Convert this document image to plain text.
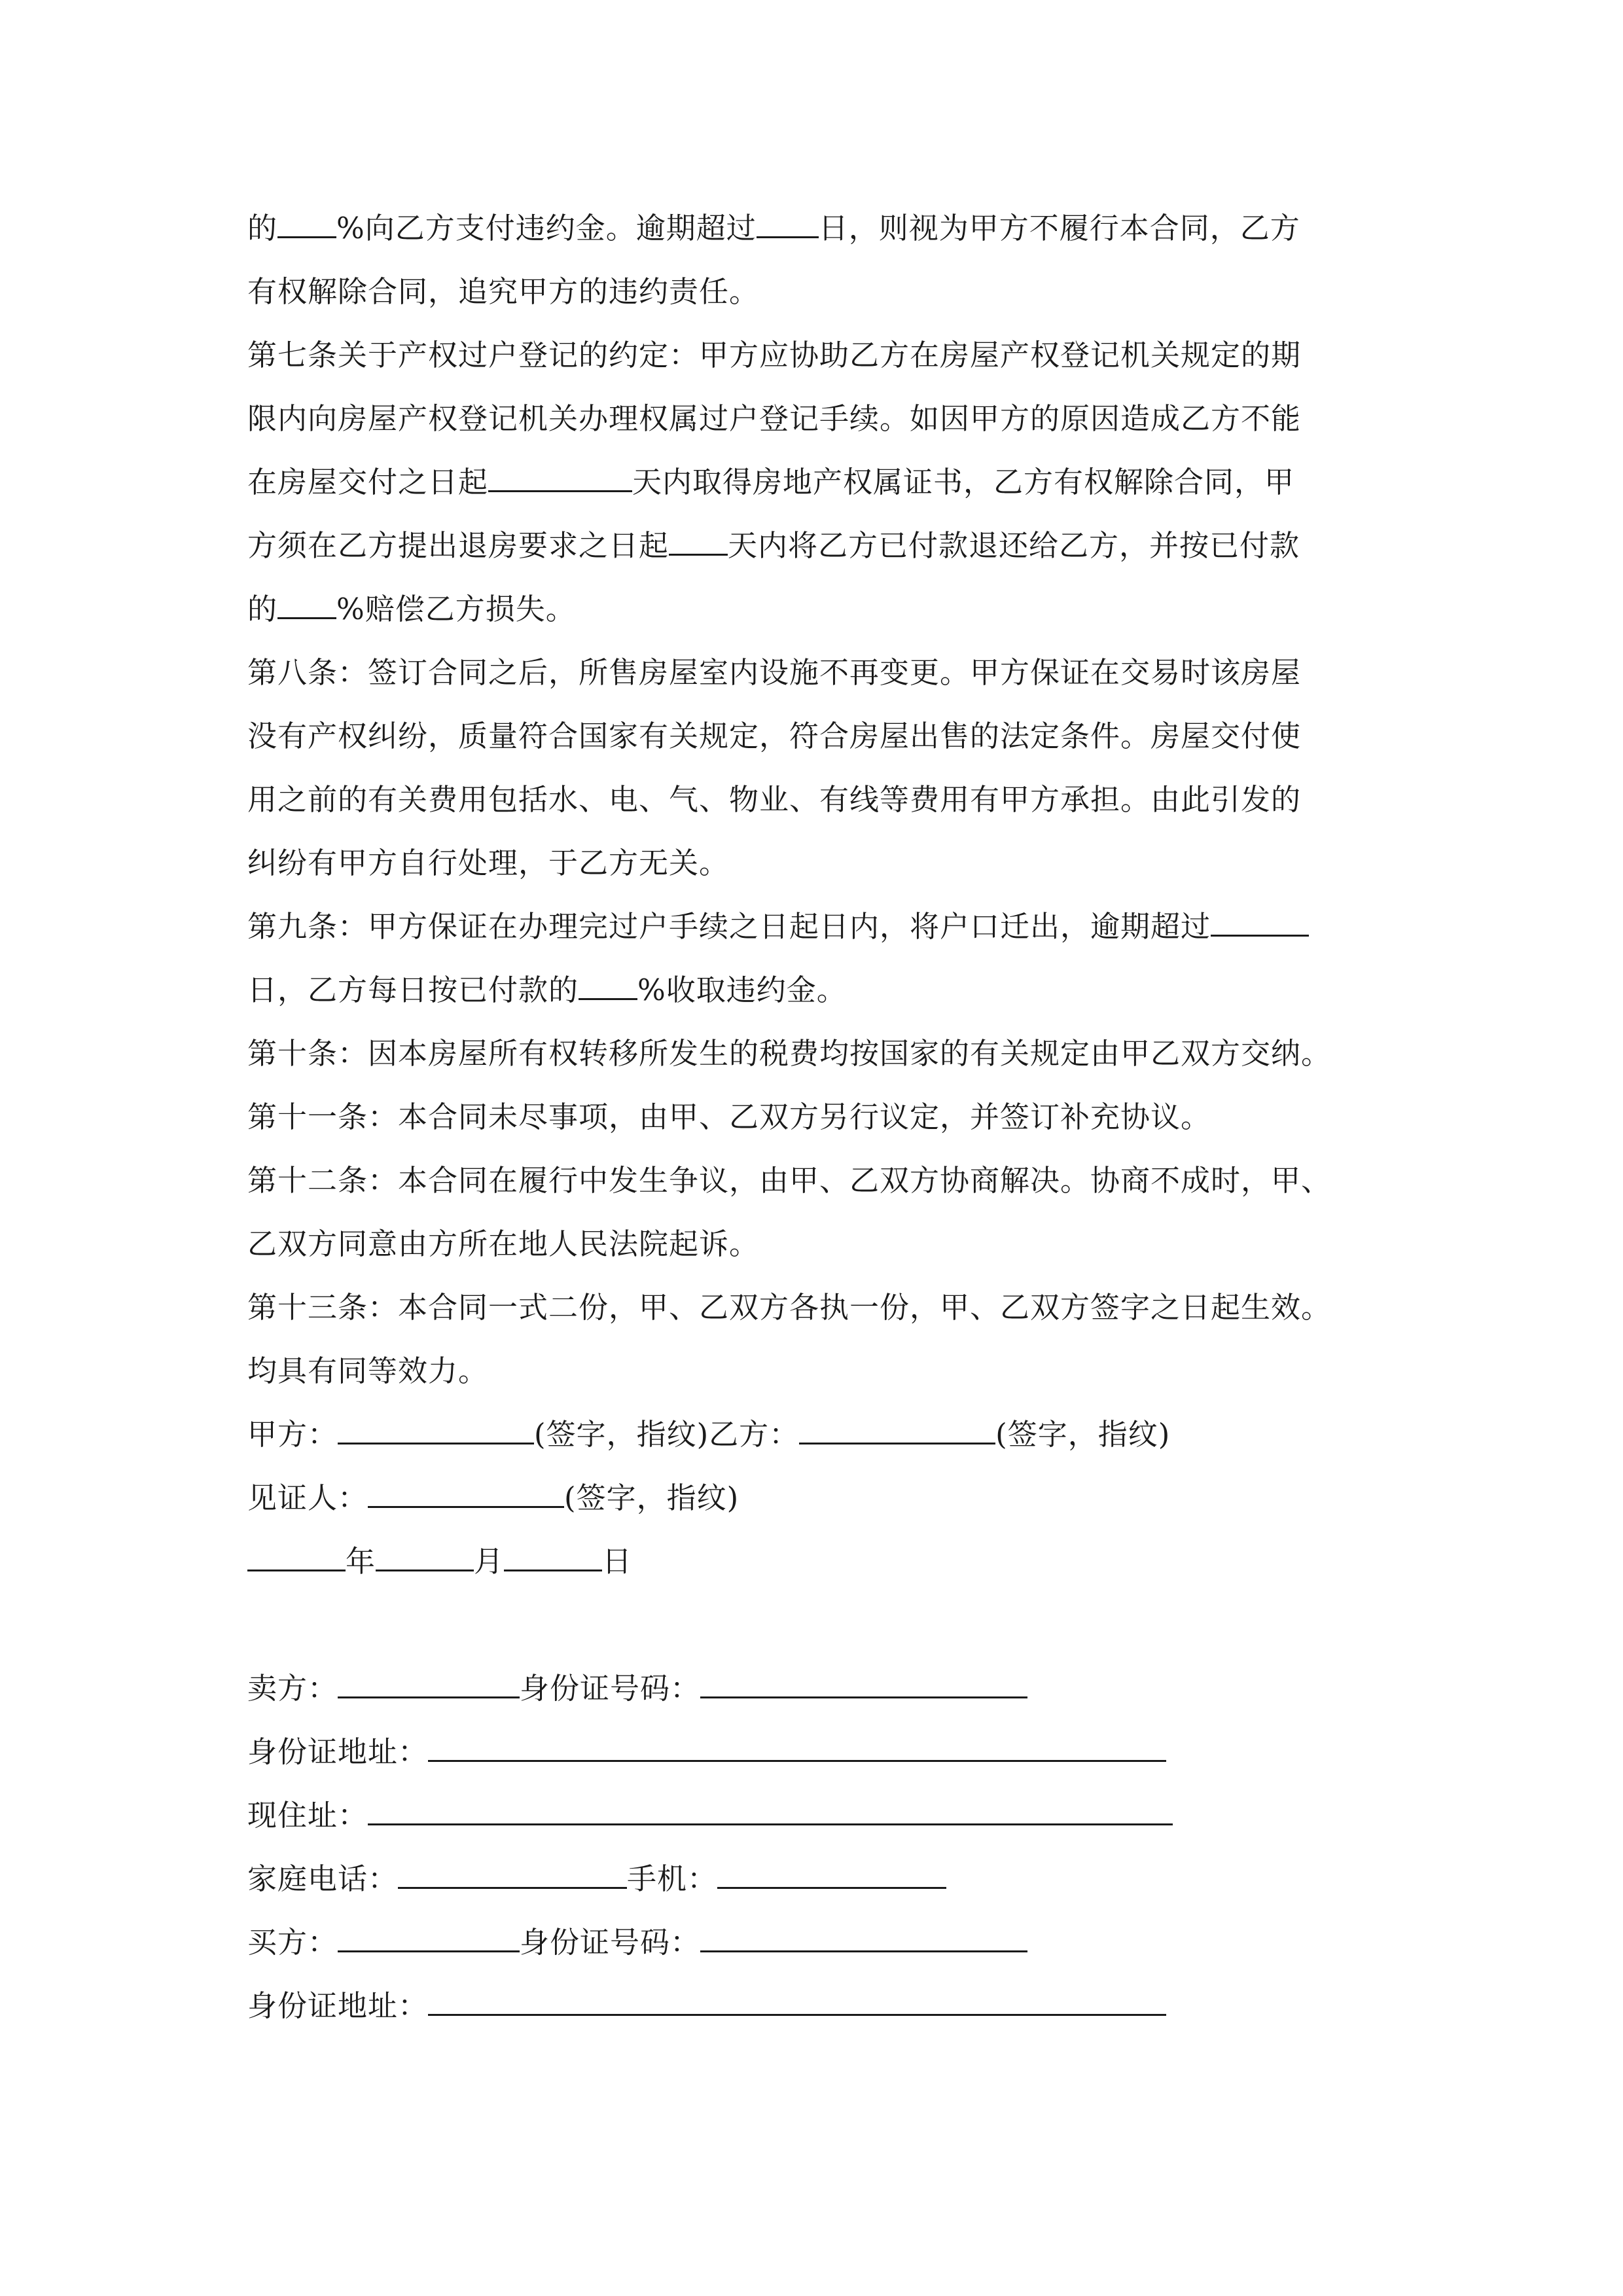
的 %向乙方支付违约金。逾期超过 日，则视为甲方不履行本合同，乙方
有权解除合同，追究甲方的违约责任。
第七条关于产权过户登记的约定：甲方应协助乙方在房屋产权登记机关规定的期
限内向房屋产权登记机关办理权属过户登记手续。如因甲方的原因造成乙方不能
在房屋交付之日起	天内取得房地产权属证书，乙方有权解除合同，甲
方须在乙方提出退房要求之日起 天内将乙方已付款退还给乙方，并按已付款
的 %赔偿乙方损失。
第八条：签订合同之后，所售房屋室内设施不再变更。甲方保证在交易时该房屋
没有产权纠纷，质量符合国家有关规定，符合房屋出售的法定条件。房屋交付使
用之前的有关费用包括水、电、气、物业、有线等费用有甲方承担。由此引发的
纠纷有甲方自行处理，于乙方无关。
第九条：甲方保证在办理完过户手续之日起日内，将户口迁出，逾期超过
日，乙方每日按已付款的 %收取违约金。
第十条：因本房屋所有权转移所发生的税费均按国家的有关规定由甲乙双方交纳。
第十一条：本合同未尽事项，由甲、乙双方另行议定，并签订补充协议。
第十二条：本合同在履行中发生争议，由甲、乙双方协商解决。协商不成时，甲、
乙双方同意由方所在地人民法院起诉。
第十三条：本合同一式二份，甲、乙双方各执一份，甲、乙双方签字之日起生效。
均具有同等效力。
甲方：	(签字，指纹)乙方：	(签字，指纹)
见证人：	(签字，指纹)
年	月	日
卖方：	身份证号码：
身份证地址：
现住址：
家庭电话：	手机：
买方：	身份证号码：
身份证地址：
